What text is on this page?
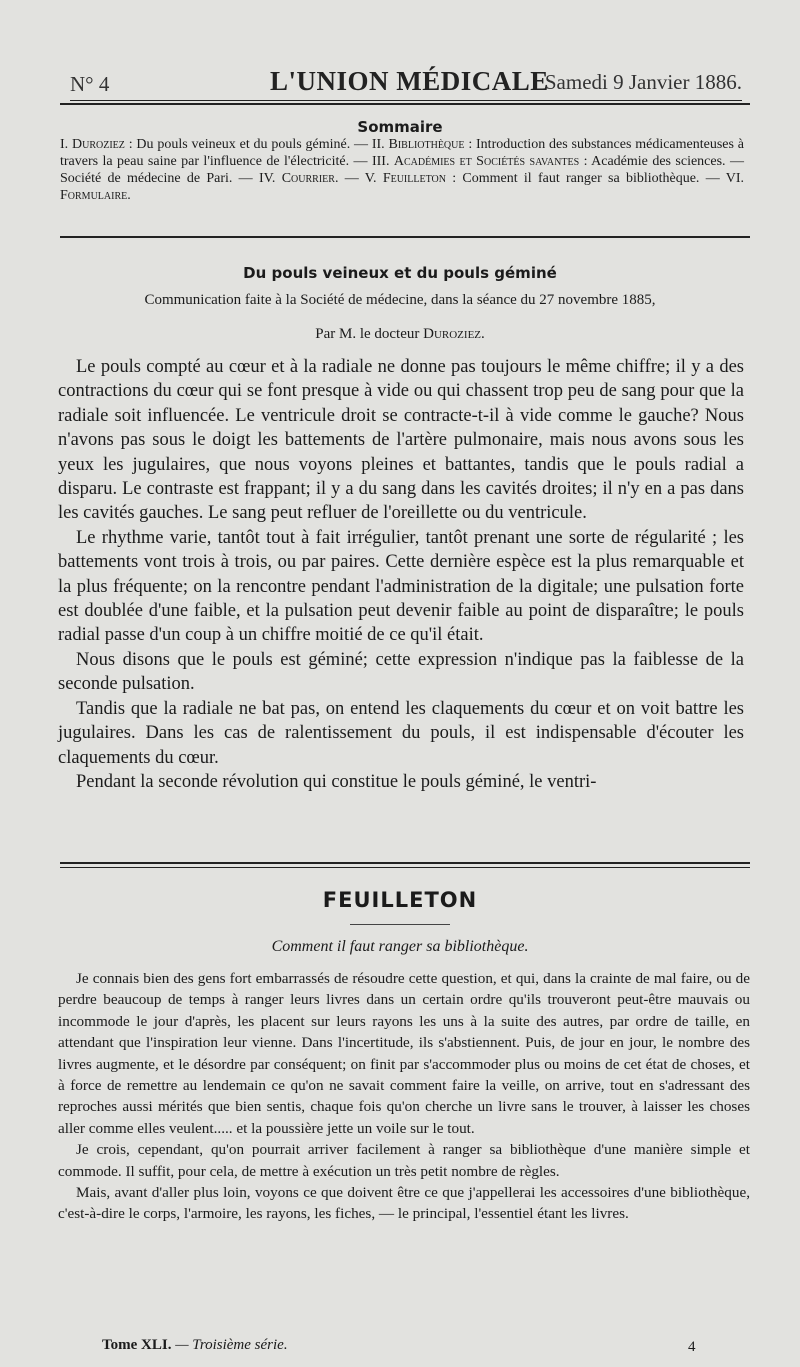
N° 4	L'UNION MÉDICALE
Samedi 9 Janvier 1886.
Sommaire
I. Duroziez : Du pouls veineux et du pouls géminé. — II. Bibliothèque : Introduction des substances médicamenteuses à travers la peau saine par l'influence de l'électricité. — III. Académies et Sociétés savantes : Académie des sciences. — Société de médecine de Pari. — IV. Courrier. — V. Feuilleton : Comment il faut ranger sa bibliothèque. — VI. Formulaire.
Du pouls veineux et du pouls géminé
Communication faite à la Société de médecine, dans la séance du 27 novembre 1885,
Par M. le docteur Duroziez.

Le pouls compté au cœur et à la radiale ne donne pas toujours le même chiffre; il y a des contractions du cœur qui se font presque à vide ou qui chassent trop peu de sang pour que la radiale soit influencée. Le ventricule droit se contracte-t-il à vide comme le gauche? Nous n'avons pas sous le doigt les battements de l'artère pulmonaire, mais nous avons sous les yeux les jugulaires, que nous voyons pleines et battantes, tandis que le pouls radial a disparu. Le contraste est frappant; il y a du sang dans les cavités droites; il n'y en a pas dans les cavités gauches. Le sang peut refluer de l'oreillette ou du ventricule.

Le rhythme varie, tantôt tout à fait irrégulier, tantôt prenant une sorte de régularité ; les battements vont trois à trois, ou par paires. Cette dernière espèce est la plus remarquable et la plus fréquente; on la rencontre pendant l'administration de la digitale; une pulsation forte est doublée d'une faible, et la pulsation peut devenir faible au point de disparaître; le pouls radial passe d'un coup à un chiffre moitié de ce qu'il était.

Nous disons que le pouls est géminé; cette expression n'indique pas la faiblesse de la seconde pulsation.

Tandis que la radiale ne bat pas, on entend les claquements du cœur et on voit battre les jugulaires. Dans les cas de ralentissement du pouls, il est indispensable d'écouter les claquements du cœur.

Pendant la seconde révolution qui constitue le pouls géminé, le ventri-

FEUILLETON
Comment il faut ranger sa bibliothèque.

Je connais bien des gens fort embarrassés de résoudre cette question, et qui, dans la crainte de mal faire, ou de perdre beaucoup de temps à ranger leurs livres dans un certain ordre qu'ils trouveront peut-être mauvais ou incommode le jour d'après, les placent sur leurs rayons les uns à la suite des autres, par ordre de taille, en attendant que l'inspiration leur vienne. Dans l'incertitude, ils s'abstiennent. Puis, de jour en jour, le nombre des livres augmente, et le désordre par conséquent; on finit par s'accommoder plus ou moins de cet état de choses, et à force de remettre au lendemain ce qu'on ne savait comment faire la veille, on arrive, tout en s'adressant des reproches aussi mérités que bien sentis, chaque fois qu'on cherche un livre sans le trouver, à laisser les choses aller comme elles veulent..... et la poussière jette un voile sur le tout.

Je crois, cependant, qu'on pourrait arriver facilement à ranger sa bibliothèque d'une manière simple et commode. Il suffit, pour cela, de mettre à exécution un très petit nombre de règles.

Mais, avant d'aller plus loin, voyons ce que doivent être ce que j'appellerai les accessoires d'une bibliothèque, c'est-à-dire le corps, l'armoire, les rayons, les fiches, — le principal, l'essentiel étant les livres.

Tome XLI. — Troisième série.	4
